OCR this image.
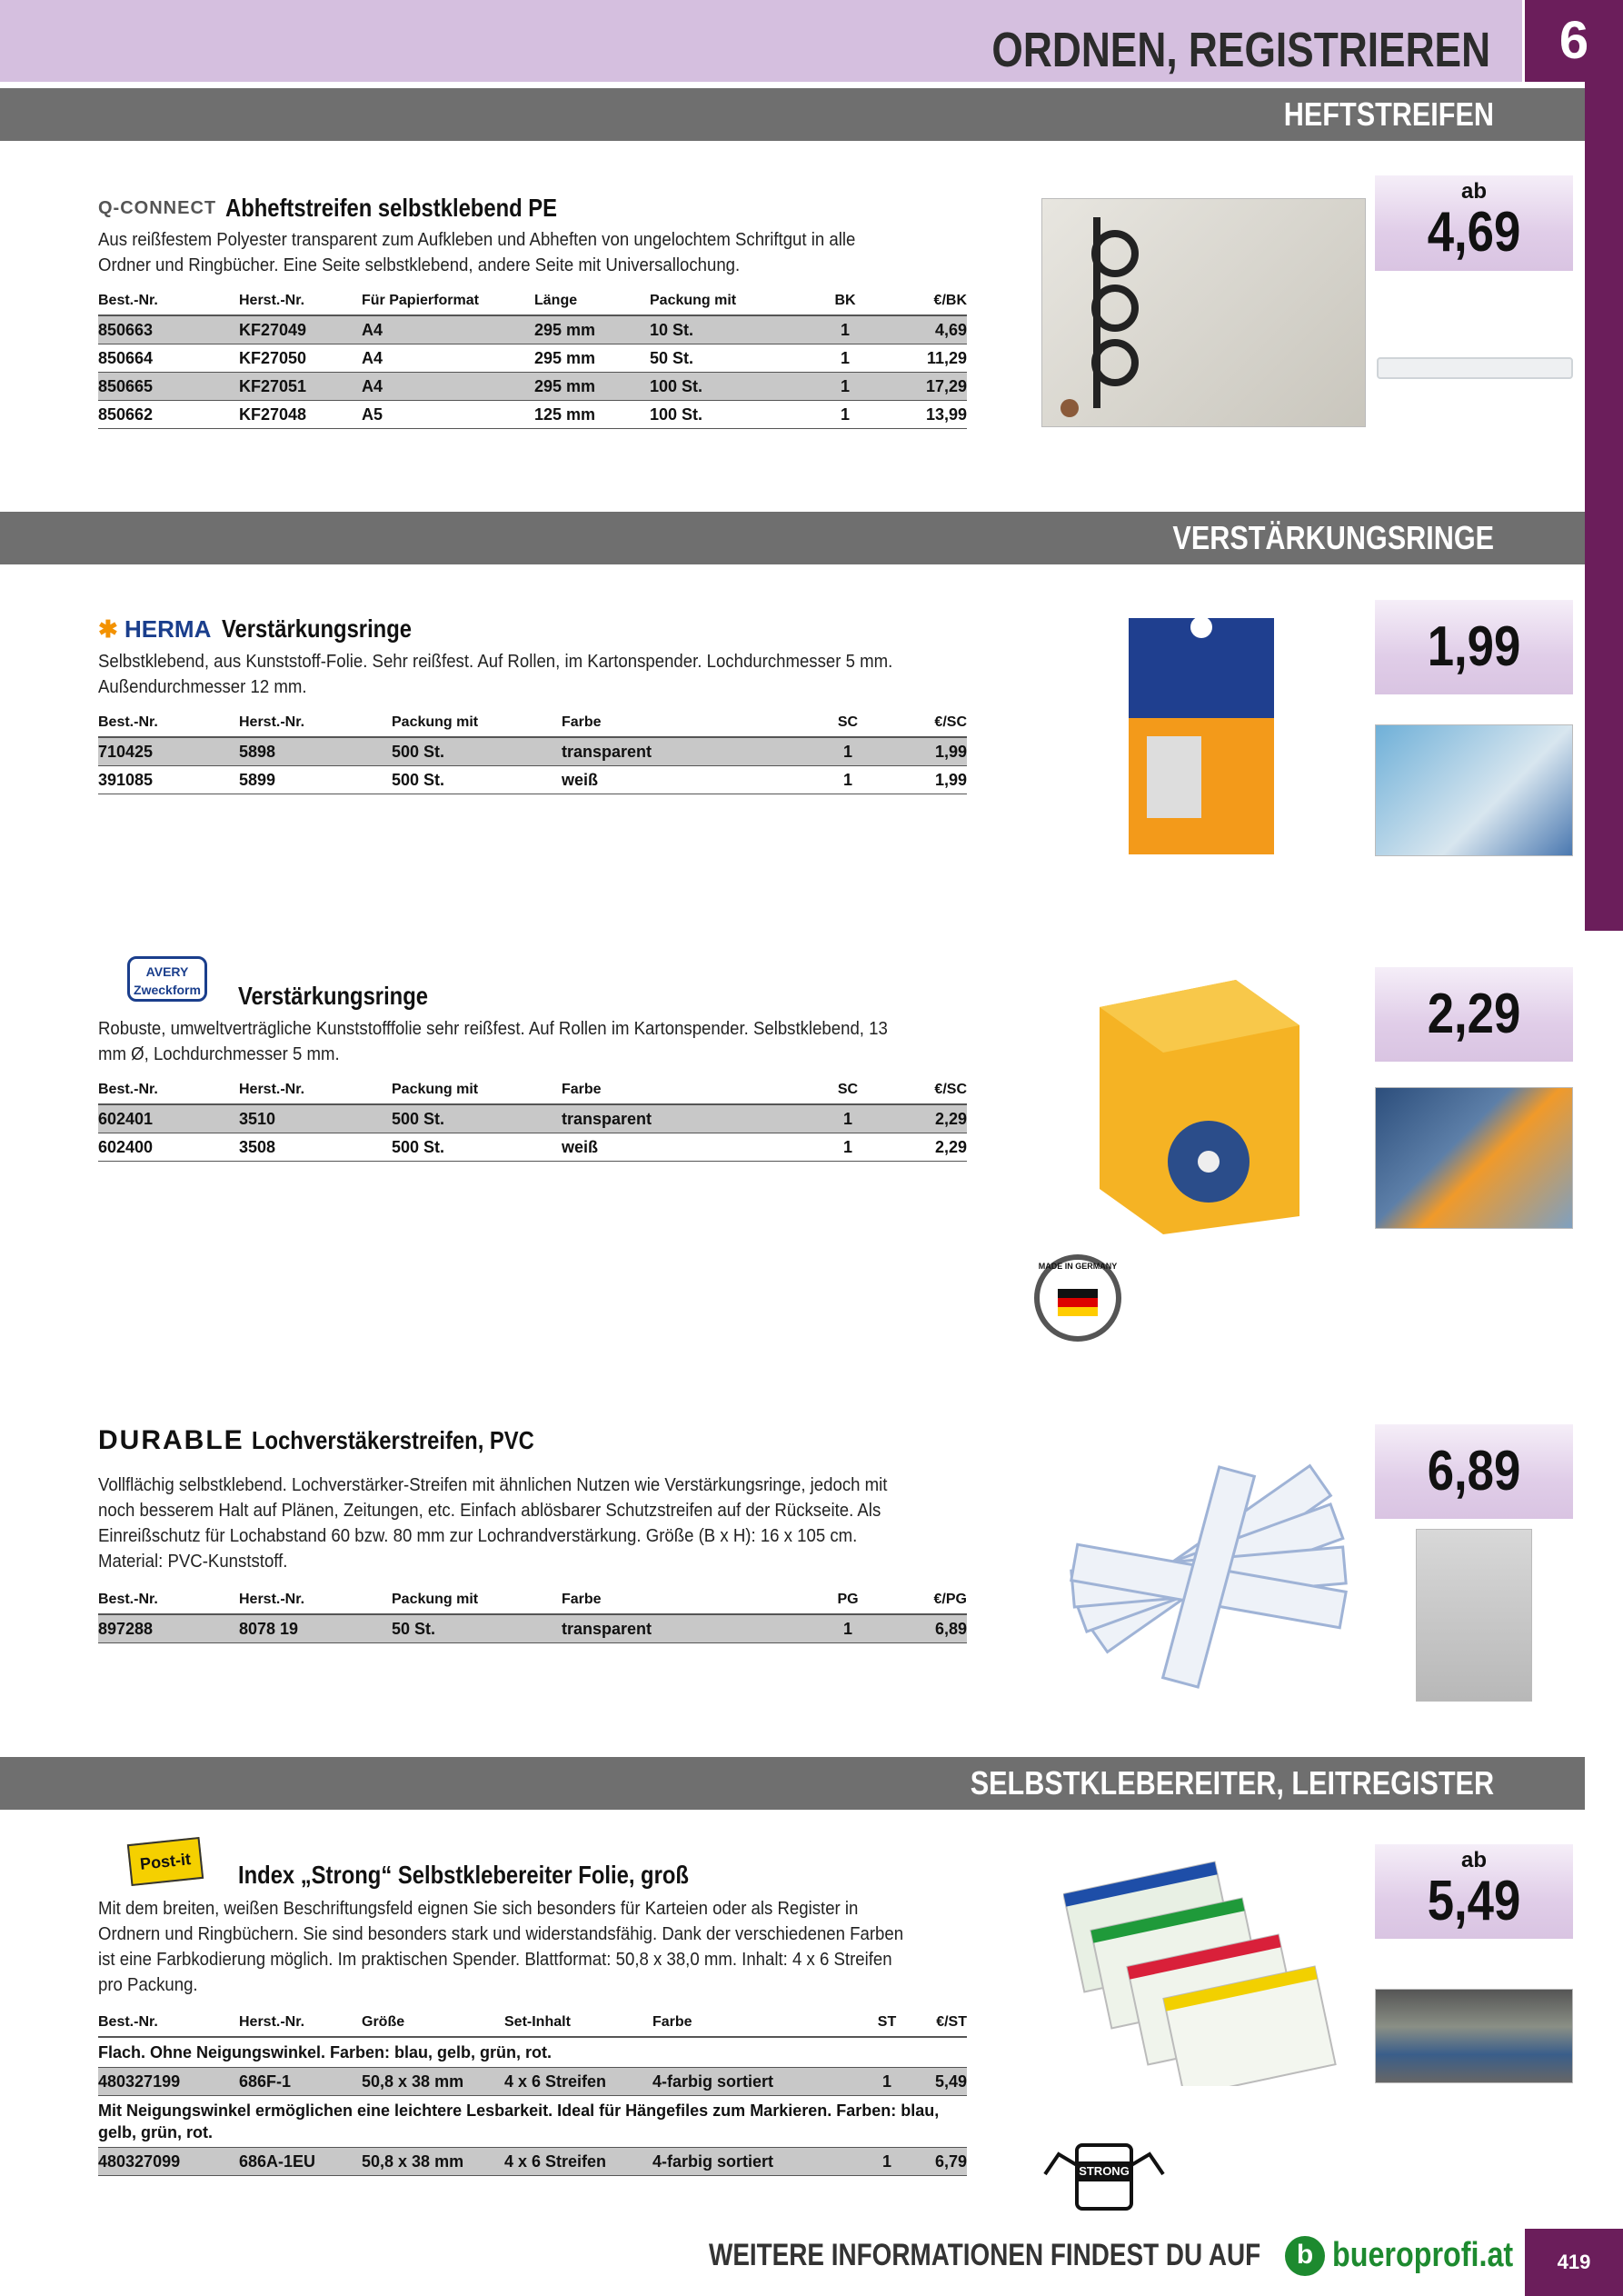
ORDNEN, REGISTRIEREN	6
HEFTSTREIFEN
Q-CONNECT Abheftstreifen selbstklebend PE
Aus reißfestem Polyester transparent zum Aufkleben und Abheften von ungelochtem Schriftgut in alle Ordner und Ringbücher. Eine Seite selbstklebend, andere Seite mit Universallochung.
Best.-Nr.	Herst.-Nr.	Für Papierformat	Länge	Packung mit	BK	€/BK
850663	KF27049	A4	295 mm	10 St.	1	4,69
850664	KF27050	A4	295 mm	50 St.	1	11,29
850665	KF27051	A4	295 mm	100 St.	1	17,29
850662	KF27048	A5	125 mm	100 St.	1	13,99
ab
4,69
VERSTÄRKUNGSRINGE
✱ HERMA Verstärkungsringe
Selbstklebend, aus Kunststoff-Folie. Sehr reißfest. Auf Rollen, im Kartonspender. Lochdurchmesser 5 mm. Außendurchmesser 12 mm.
Best.-Nr.	Herst.-Nr.	Packung mit	Farbe	SC	€/SC
710425	5898	500 St.	transparent	1	1,99
391085	5899	500 St.	weiß	1	1,99
1,99
AVERY Zweckform Verstärkungsringe
Robuste, umweltverträgliche Kunststofffolie sehr reißfest. Auf Rollen im Kartonspender. Selbstklebend, 13 mm Ø, Lochdurchmesser 5 mm.
Best.-Nr.	Herst.-Nr.	Packung mit	Farbe	SC	€/SC
602401	3510	500 St.	transparent	1	2,29
602400	3508	500 St.	weiß	1	2,29
2,29
MADE IN GERMANY
DURABLE Lochverstäkerstreifen, PVC
Vollflächig selbstklebend. Lochverstärker-Streifen mit ähnlichen Nutzen wie Verstärkungsringe, jedoch mit noch besserem Halt auf Plänen, Zeitungen, etc. Einfach ablösbarer Schutzstreifen auf der Rückseite. Als Einreißschutz für Lochabstand 60 bzw. 80 mm zur Lochrandverstärkung. Größe (B x H): 16 x 105 cm. Material: PVC-Kunststoff.
Best.-Nr.	Herst.-Nr.	Packung mit	Farbe	PG	€/PG
897288	8078 19	50 St.	transparent	1	6,89
6,89
SELBSTKLEBEREITER, LEITREGISTER
Post-it	Index „Strong“ Selbstklebereiter Folie, groß
Mit dem breiten, weißen Beschriftungsfeld eignen Sie sich besonders für Karteien oder als Register in Ordnern und Ringbüchern. Sie sind besonders stark und widerstandsfähig. Dank der verschiedenen Farben ist eine Farbkodierung möglich. Im praktischen Spender. Blattformat: 50,8 x 38,0 mm. Inhalt: 4 x 6 Streifen pro Packung.
Best.-Nr.	Herst.-Nr.	Größe	Set-Inhalt	Farbe	ST	€/ST
Flach. Ohne Neigungswinkel. Farben: blau, gelb, grün, rot.						
480327199	686F-1	50,8 x 38 mm	4 x 6 Streifen	4-farbig sortiert	1	5,49
Mit Neigungswinkel ermöglichen eine leichtere Lesbarkeit. Ideal für Hängefiles zum Markieren. Farben: blau, gelb, grün, rot.						
480327099	686A-1EU	50,8 x 38 mm	4 x 6 Streifen	4-farbig sortiert	1	6,79
ab
5,49
STRONG
WEITERE INFORMATIONEN FINDEST DU AUF	b bueroprofi.at	419
